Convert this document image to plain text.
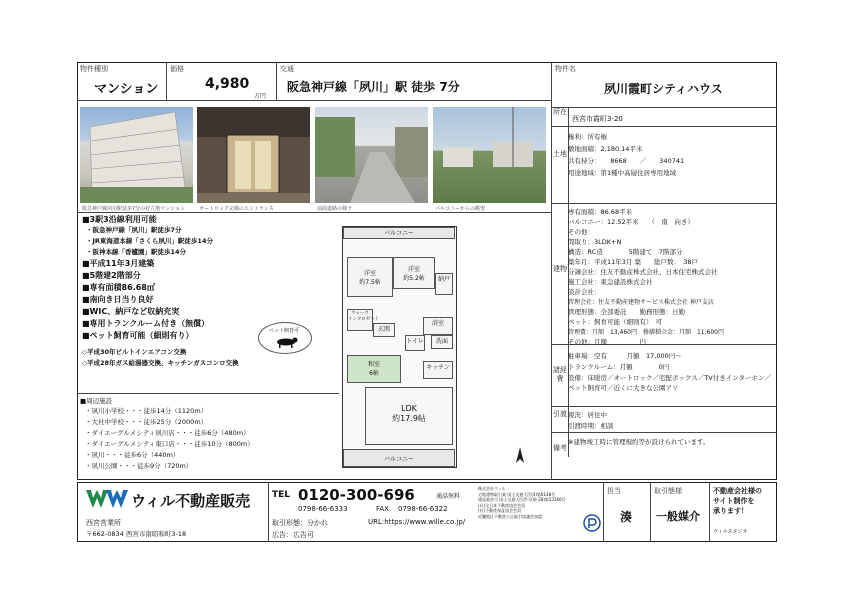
物件種別
マンション
価格
4,980
万円
交通
阪急神戸線「夙川」駅 徒歩 7分
物件名
夙川霞町シティハウス
阪急神戸線夙川駅徒歩7分の好立地マンション	オートロック完備のエントランス	前面道路の様子	バルコニーからの眺望
■3駅3沿線利用可能
・阪急神戸線「夙川」駅徒歩7分
・JR東海道本線「さくら夙川」駅徒歩14分
・阪神本線「香櫨園」駅徒歩14分
■平成11年3月建築
■5階建2階部分
■専有面積86.68㎡
■南向き日当り良好
■WIC、納戸など収納充実
■専用トランクルーム付き（無償）
■ペット飼育可能（細則有り）
◇平成30年ビルトインエアコン交換
◇平成28年ガス給湯器交換、キッチンガスコンロ交換
ペット飼育可
■周辺施設
・夙川小学校・・・徒歩14分（1120m）
・大社中学校・・・徒歩25分（2000m）
・ダイエーグルメシティ夙川店・・・徒歩6分（480m）
・ダイエーグルメシティ東口店・・・徒歩10分（800m）
・夙川・・・徒歩6分（440m）
・夙川公園・・・徒歩9分（720m）
バルコニー
洋室
約7.5帖
洋室
約5.2帖	納戸
ウォーク
インクロゼット
玄関
浴室
洗面
トイレ
和室
6帖
キッチン
LDK
約17.9帖
バルコニー
N
所在
西宮市霞町3-20
土地
権利：所有権
敷地面積：2,180.14平米
共有持分：　　8668　　／　　340741
用途地域：第1種中高層住居専用地域
建物
専有面積：86.68平米
バルコニー：12.52平米　　（　南　向き）
その他：
間取り：3LDK+N
構造：RC造　　　　5階建て　7階部分
築年月：平成11年3月 築　　総戸数：　38戸
分譲会社：住友不動産株式会社、日本住宅株式会社
施工会社：東急建設株式会社
設計会社：
管理会社：住友不動産建物サービス株式会社 神戸支店
管理形態：全部委託　　勤務形態：日勤
ペット：飼育可能（細則有）　可
管理費：月額　13,460円　修繕積立金：月額　11,600円
その他：月額　　　　　円
諸経費
駐車場：空有　　　月額　17,000円～
トランクルーム：月額　　　　0円
設備：床暖房／オートロック／宅配ボックス／TV付きインターホン／ペット飼育可／近くに大きな公園アリ
引渡 現況：居住中
引渡時期：相談
備考
※建物竣工時に管理規約等が設けられています。
ウィル不動産販売
西宮営業所
〒662-0834 西宮市南昭和町3-18
TEL 0120-300-696	通話無料
0798-66-6333	FAX. 0798-66-6322
取引形態：分かれ
広告：広告可
URL:https://www.wille.co.jp/
株式会社ウィル
宅地建物取引業 国土交通大臣(4)第6148号
建設業許可 国土交通大臣許可(般-28)第23166号
(社)全日本不動産協会会員
(社)不動産保証協会会員
近畿地区不動産公正取引協議会加盟
担当
湊
取引態様
一般媒介
不動産会社様の
サイト制作を
承ります！
ウィルスタジオ
